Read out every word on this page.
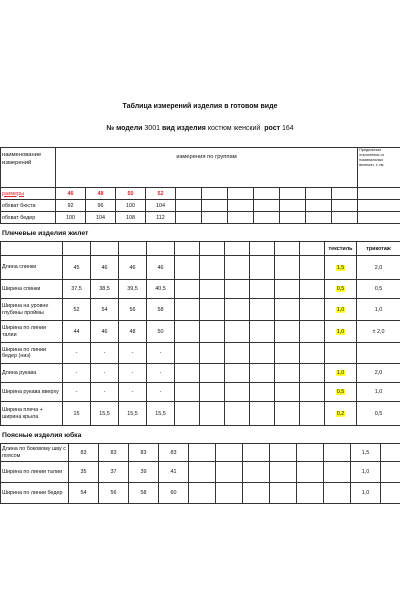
Таблица измерений изделия в готовом виде
№ модели 3001 вид изделия костюм женский рост 164
наименование измерений	измерения по группам											Предельные отклонения от номинальных величин, ± см.

размеры	46	48	50	52								
обхват бюста	92	96	100	104								
обхват бедер	100	104	108	112								
Плечевые изделия жилет
											текстиль	трикотаж
Длина спинки	45	46	46	46							1,5	2,0
Ширина спинки	37,5	38,5	39,5	40,5							0,5	0,5
Ширина на уровне глубины проймы	52	54	56	58							1,0	1,0
Ширина по линии талии	44	46	48	50							1,0	± 2,0
Ширина по линии бедер (низ)	-	-	-	-								
Длина рукава	-	-	-	-							1,0	2,0
Ширина рукава вверху	-	-	-	-							0,5	1,0
Ширина плеча + ширина крыла	15	15,5	15,5	15,5							0,2	0,5
Поясные изделия юбка
Длина по боковому шву с поясом	83	83	83	83							1,5	
Ширина по линии талии	35	37	39	41							1,0	
Ширина по линии бедер	54	56	58	60							1,0	
